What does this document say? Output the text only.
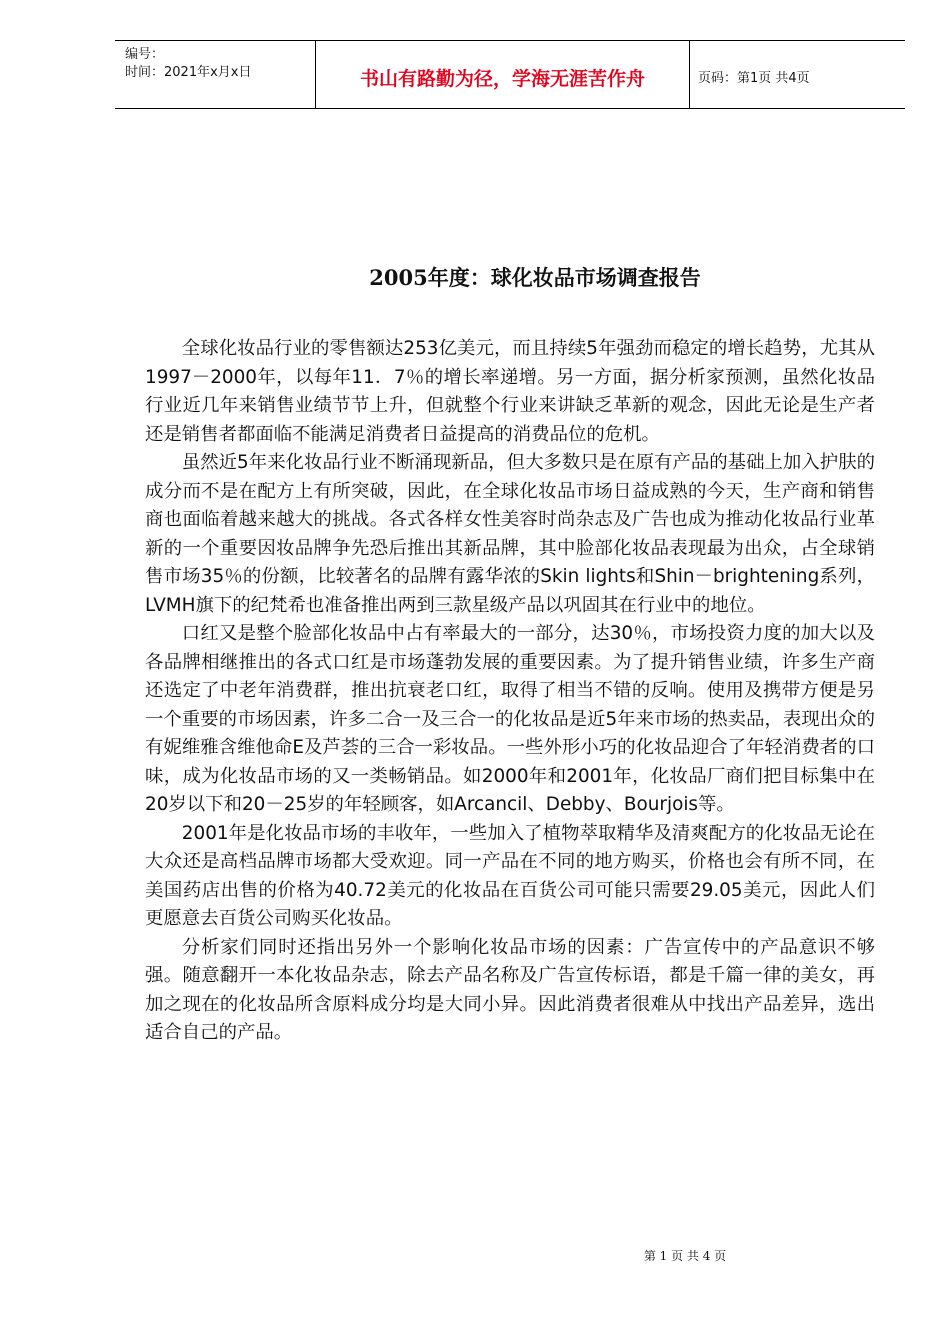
编号：
时间：2021年x月x日	书山有路勤为径，学海无涯苦作舟	页码：第1页 共4页
2005年度：球化妆品市场调查报告

全球化妆品行业的零售额达253亿美元，而且持续5年强劲而稳定的增长趋势，尤其从1997－2000年，以每年11．7％的增长率递增。另一方面，据分析家预测，虽然化妆品行业近几年来销售业绩节节上升，但就整个行业来讲缺乏革新的观念，因此无论是生产者还是销售者都面临不能满足消费者日益提高的消费品位的危机。

虽然近5年来化妆品行业不断涌现新品，但大多数只是在原有产品的基础上加入护肤的成分而不是在配方上有所突破，因此，在全球化妆品市场日益成熟的今天，生产商和销售商也面临着越来越大的挑战。各式各样女性美容时尚杂志及广告也成为推动化妆品行业革新的一个重要因妆品牌争先恐后推出其新品牌，其中脸部化妆品表现最为出众，占全球销售市场35％的份额，比较著名的品牌有露华浓的Skin lights和Shin－brightening系列，LVMH旗下的纪梵希也准备推出两到三款星级产品以巩固其在行业中的地位。

口红又是整个脸部化妆品中占有率最大的一部分，达30％，市场投资力度的加大以及各品牌相继推出的各式口红是市场蓬勃发展的重要因素。为了提升销售业绩，许多生产商还选定了中老年消费群，推出抗衰老口红，取得了相当不错的反响。使用及携带方便是另一个重要的市场因素，许多二合一及三合一的化妆品是近5年来市场的热卖品，表现出众的有妮维雅含维他命E及芦荟的三合一彩妆品。一些外形小巧的化妆品迎合了年轻消费者的口味，成为化妆品市场的又一类畅销品。如2000年和2001年，化妆品厂商们把目标集中在20岁以下和20－25岁的年轻顾客，如Arcancil、Debby、Bourjois等。

2001年是化妆品市场的丰收年，一些加入了植物萃取精华及清爽配方的化妆品无论在大众还是高档品牌市场都大受欢迎。同一产品在不同的地方购买，价格也会有所不同，在美国药店出售的价格为40.72美元的化妆品在百货公司可能只需要29.05美元，因此人们更愿意去百货公司购买化妆品。

分析家们同时还指出另外一个影响化妆品市场的因素：广告宣传中的产品意识不够强。随意翻开一本化妆品杂志，除去产品名称及广告宣传标语，都是千篇一律的美女，再加之现在的化妆品所含原料成分均是大同小异。因此消费者很难从中找出产品差异，选出适合自己的产品。

第 1 页 共 4 页
